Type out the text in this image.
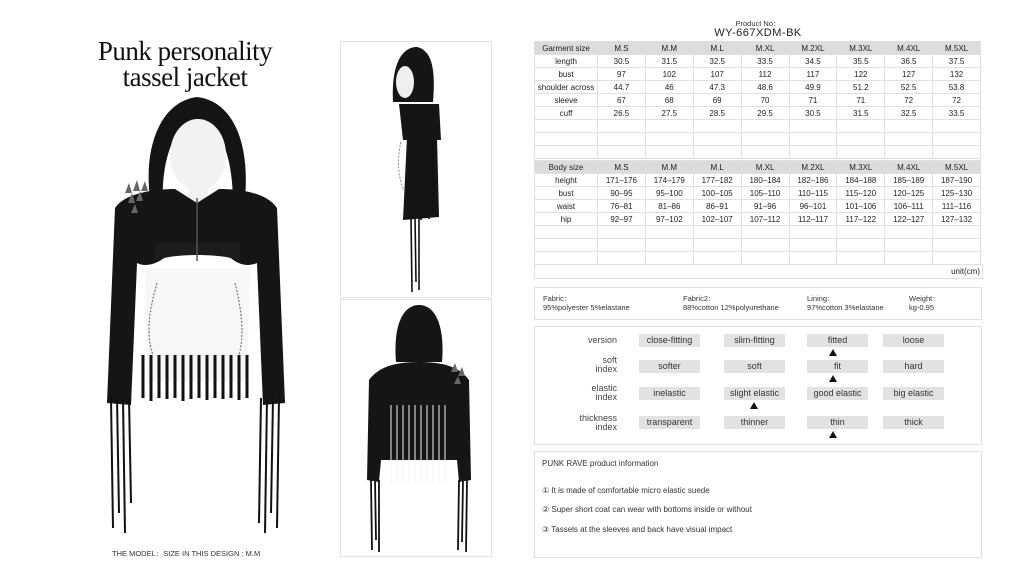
Punk personality
tassel jacket
THE MODEL：SIZE IN THIS DESIGN : M.M
Product No：
WY-667XDM-BK
Garment size	M.S	M.M	M.L	M.XL	M.2XL	M.3XL	M.4XL	M.5XL
length	30.5	31.5	32.5	33.5	34.5	35.5	36.5	37.5
bust	97	102	107	112	117	122	127	132
shoulder across	44.7	46	47.3	48.6	49.9	51.2	52.5	53.8
sleeve	67	68	69	70	71	71	72	72
cuff	26.5	27.5	28.5	29.5	30.5	31.5	32.5	33.5

Body size	M.S	M.M	M.L	M.XL	M.2XL	M.3XL	M.4XL	M.5XL
height	171–176	174–179	177–182	180–184	182–186	184–188	185–189	187–190
bust	90–95	95–100	100–105	105–110	110–115	115–120	120–125	125–130
waist	76–81	81–86	86–91	91–96	96–101	101–106	106–111	111–116
hip	92–97	97–102	102–107	107–112	112–117	117–122	122–127	127–132

unit(cm)
Fabric：
95%polyester 5%elastane
Fabric2：
88%cotton 12%polyurethane
Lining：
97%cotton 3%elastane
Weight：
kg-0.95
version	close-fitting	slim-fitting	fitted	loose
soft
index	softer	soft	fit	hard
elastic
index	inelastic	slight elastic	good elastic	big elastic
thickness
index	transparent	thinner	thin	thick
PUNK RAVE product information
① It is made of comfortable micro elastic suede
② Super short coat can wear with bottoms inside or without
③ Tassels at the sleeves and back have visual impact
